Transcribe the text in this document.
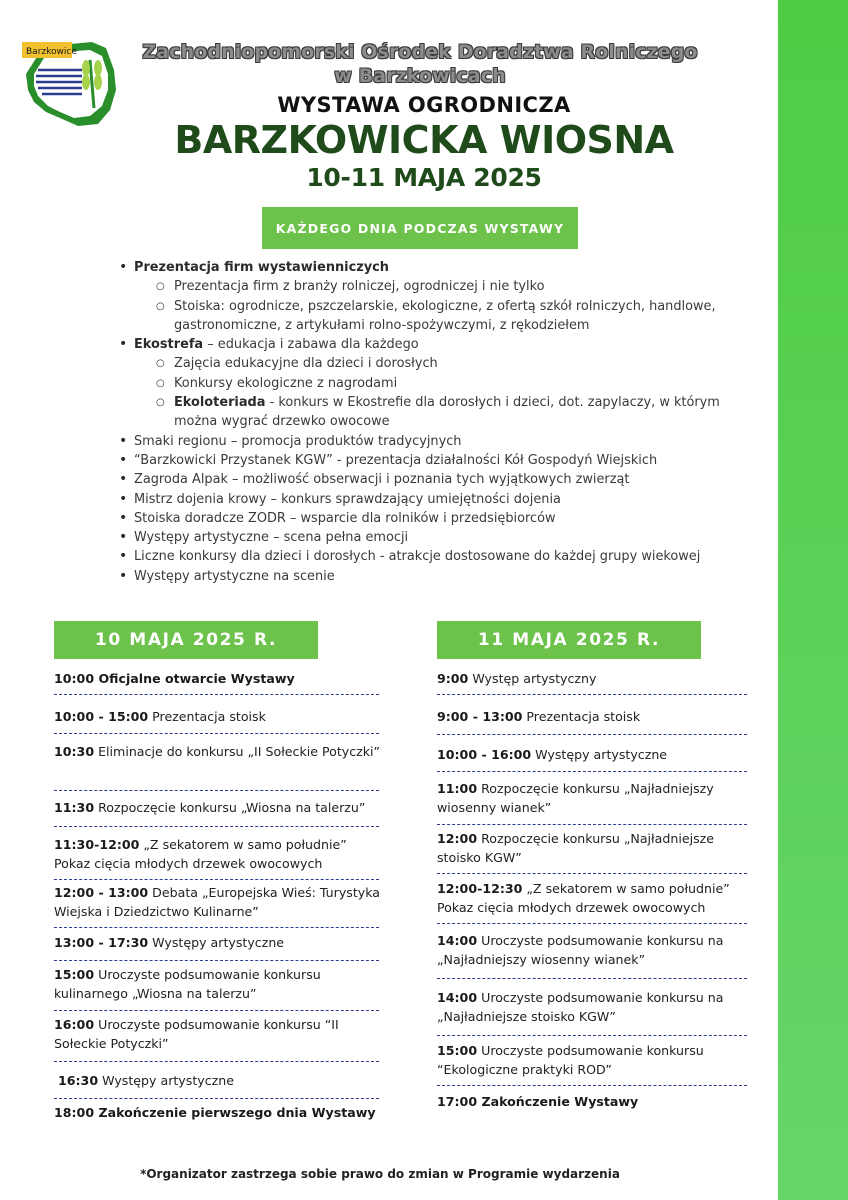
Barzkowice	Zachodniopomorski Ośrodek Doradztwa Rolniczego
w Barzkowicach
WYSTAWA OGRODNICZA
BARZKOWICKA WIOSNA
10-11 MAJA 2025
KAŻDEGO DNIA PODCZAS WYSTAWY
• Prezentacja firm wystawienniczych
○ Prezentacja firm z branży rolniczej, ogrodniczej i nie tylko
○ Stoiska: ogrodnicze, pszczelarskie, ekologiczne, z ofertą szkół rolniczych, handlowe, gastronomiczne, z artykułami rolno-spożywczymi, z rękodziełem
• Ekostrefa – edukacja i zabawa dla każdego
○ Zajęcia edukacyjne dla dzieci i dorosłych
○ Konkursy ekologiczne z nagrodami
○ Ekoloteriada - konkurs w Ekostrefie dla dorosłych i dzieci, dot. zapylaczy, w którym można wygrać drzewko owocowe
• Smaki regionu – promocja produktów tradycyjnych
• “Barzkowicki Przystanek KGW” - prezentacja działalności Kół Gospodyń Wiejskich
• Zagroda Alpak – możliwość obserwacji i poznania tych wyjątkowych zwierząt
• Mistrz dojenia krowy – konkurs sprawdzający umiejętności dojenia
• Stoiska doradcze ZODR – wsparcie dla rolników i przedsiębiorców
• Występy artystyczne – scena pełna emocji
• Liczne konkursy dla dzieci i dorosłych - atrakcje dostosowane do każdej grupy wiekowej
• Występy artystyczne na scenie
10 MAJA 2025 R.	11 MAJA 2025 R.
10:00 Oficjalne otwarcie Wystawy
10:00 - 15:00 Prezentacja stoisk
10:30 Eliminacje do konkursu „II Sołeckie Potyczki”
11:30 Rozpoczęcie konkursu „Wiosna na talerzu”
11:30-12:00 „Z sekatorem w samo południe” Pokaz cięcia młodych drzewek owocowych
12:00 - 13:00 Debata „Europejska Wieś: Turystyka Wiejska i Dziedzictwo Kulinarne”
13:00 - 17:30 Występy artystyczne
15:00 Uroczyste podsumowanie konkursu kulinarnego „Wiosna na talerzu”
16:00 Uroczyste podsumowanie konkursu “II Sołeckie Potyczki”
16:30 Występy artystyczne
18:00 Zakończenie pierwszego dnia Wystawy
9:00 Występ artystyczny
9:00 - 13:00 Prezentacja stoisk
10:00 - 16:00 Występy artystyczne
11:00 Rozpoczęcie konkursu „Najładniejszy wiosenny wianek”
12:00 Rozpoczęcie konkursu „Najładniejsze stoisko KGW”
12:00-12:30 „Z sekatorem w samo południe” Pokaz cięcia młodych drzewek owocowych
14:00 Uroczyste podsumowanie konkursu na „Najładniejszy wiosenny wianek”
14:00 Uroczyste podsumowanie konkursu na „Najładniejsze stoisko KGW”
15:00 Uroczyste podsumowanie konkursu “Ekologiczne praktyki ROD”
17:00 Zakończenie Wystawy
*Organizator zastrzega sobie prawo do zmian w Programie wydarzenia
